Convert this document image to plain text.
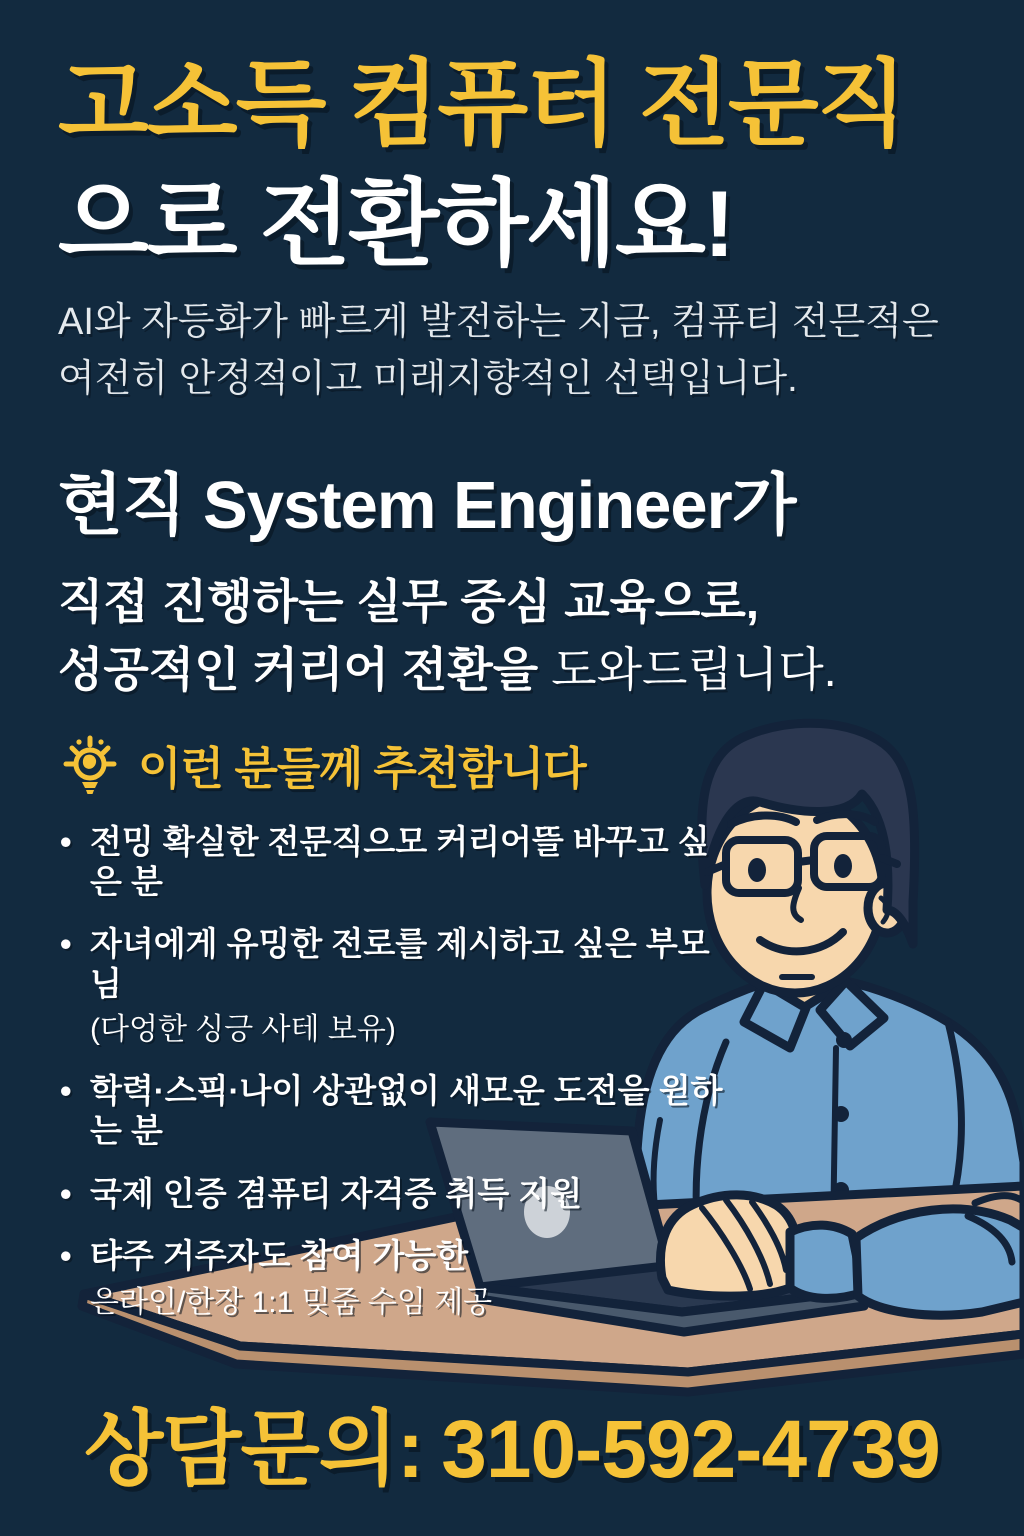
고소득 컴퓨터 전문직
으로 전환하세요!
AI와 자등화가 빠르게 발전하는 지금, 컴퓨티 전믄적은
여전히 안정적이고 미래지향적인 선택입니다.
현직 System Engineer가
직접 진행하는 실무 중심 교육으로,
성공적인 커리어 전환을 도와드립니다.
이런 분들께 추천함니다
• 전밍 확실한 전문직으모 커리어뜰 바꾸고 싶은 분
• 자녀에게 유밍한 전로를 제시하고 싶은 부모님
(다엉한 싱긍 사테 보유)
• 학력·스픽·나이 상관없이 새모운 도전읕 윋하는 분
• 국제 인증 겸퓨티 자걱증 취득 지원
• 탸주 거주자도 참여 가능한
은라인/한장 1:1 밎줌 수임 제공
상담문의: 310-592-4739
